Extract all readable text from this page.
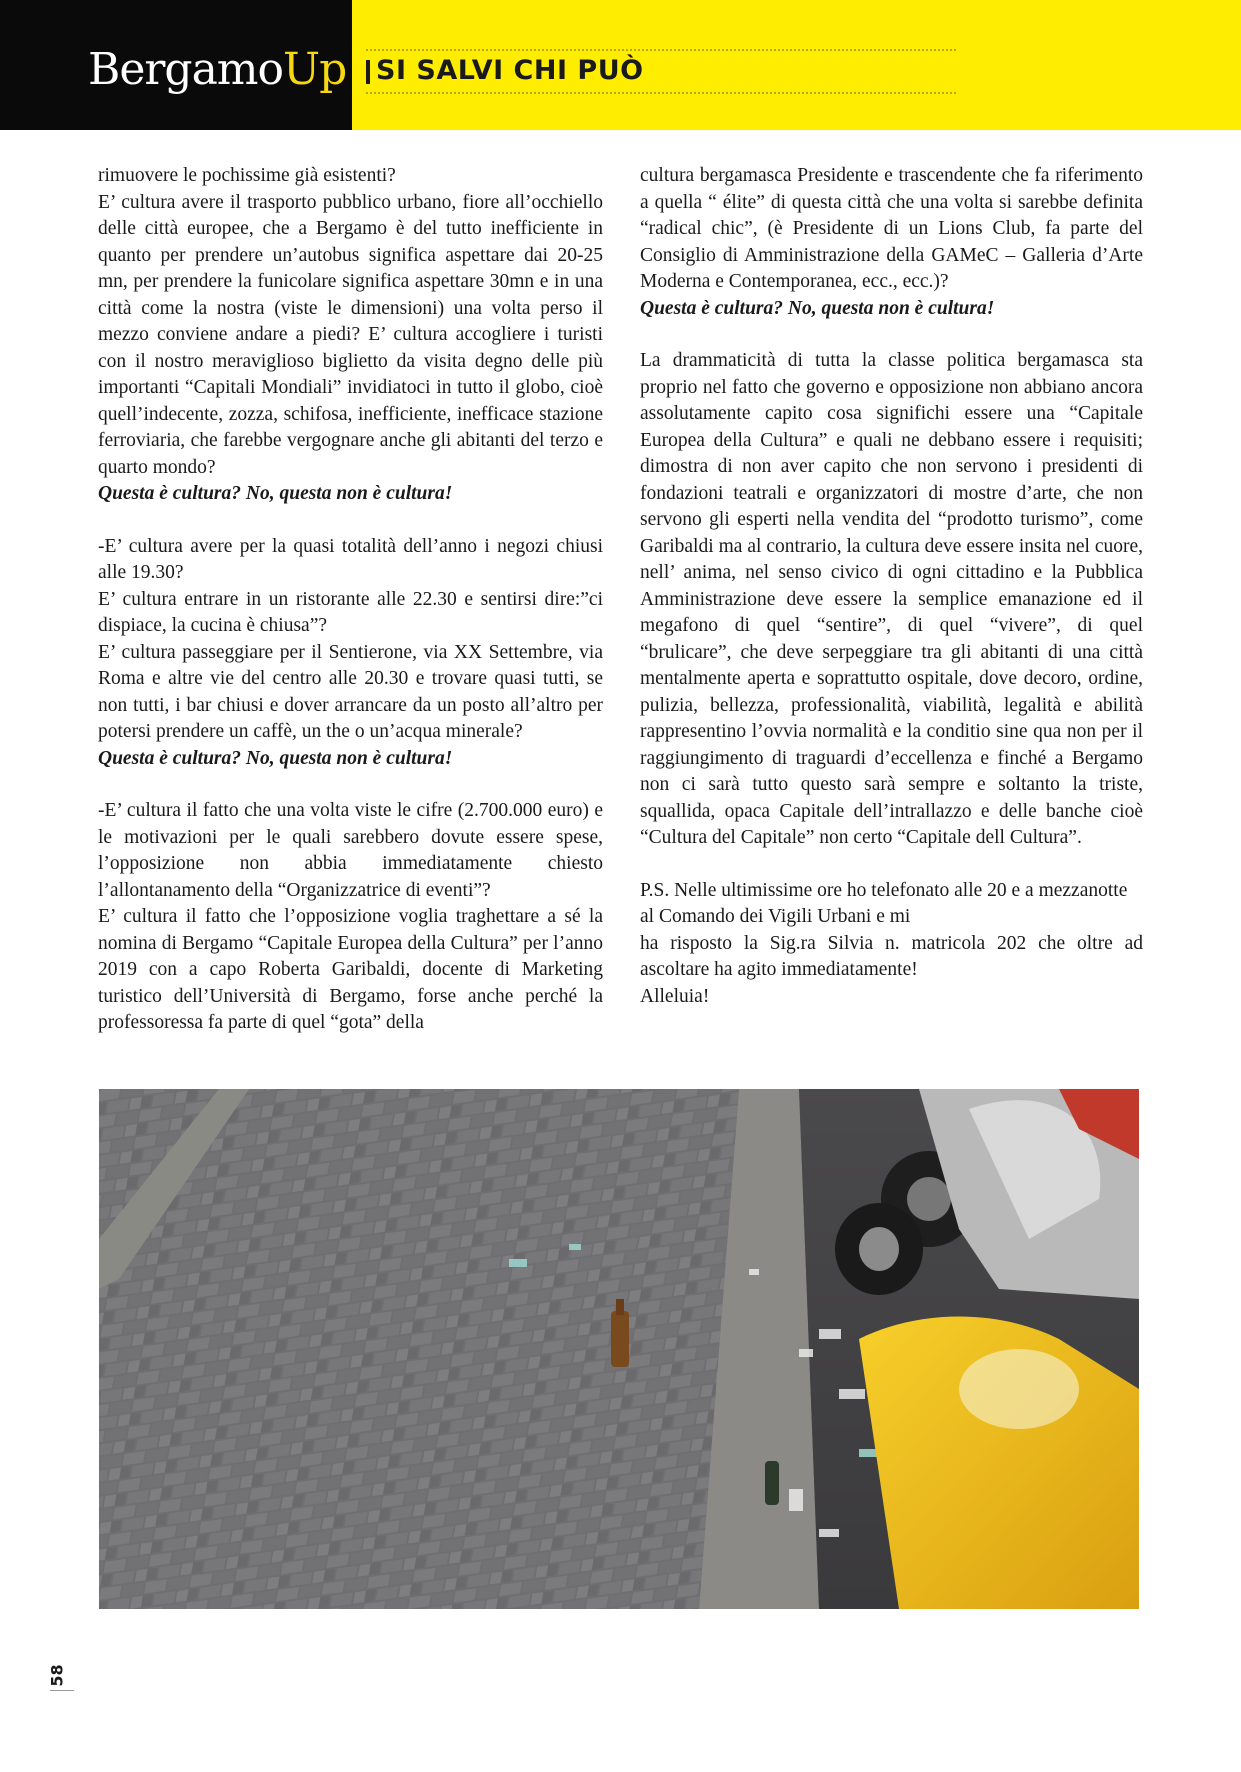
BergamoUp SI SALVI CHI PUÒ

rimuovere le pochissime già esistenti?

E’ cultura avere il trasporto pubblico urbano, fiore all’occhiello delle città europee, che a Bergamo è del tutto inefficiente in quanto per prendere un’autobus significa aspettare dai 20-25 mn, per prendere la funicolare significa aspettare 30mn e in una città come la nostra (viste le dimensioni) una volta perso il mezzo conviene andare a piedi? E’ cultura accogliere i turisti con il nostro meraviglioso biglietto da visita degno delle più importanti “Capitali Mondiali” invidiatoci in tutto il globo, cioè quell’indecente, zozza, schifosa, inefficiente, inefficace stazione ferroviaria, che farebbe vergognare anche gli abitanti del terzo e quarto mondo?

Questa è cultura? No, questa non è cultura!

-E’ cultura avere per la quasi totalità dell’anno i negozi chiusi alle 19.30?

E’ cultura entrare in un ristorante alle 22.30 e sentirsi dire:”ci dispiace, la cucina è chiusa”?

E’ cultura passeggiare per il Sentierone, via XX Settembre, via Roma e altre vie del centro alle 20.30 e trovare quasi tutti, se non tutti, i bar chiusi e dover arrancare da un posto all’altro per potersi prendere un caffè, un the o un’acqua minerale?

Questa è cultura? No, questa non è cultura!

-E’ cultura il fatto che una volta viste le cifre (2.700.000 euro) e le motivazioni per le quali sarebbero dovute essere spese, l’opposizione non abbia immediatamente chiesto l’allontanamento della “Organizzatrice di eventi”?

E’ cultura il fatto che l’opposizione voglia traghettare a sé la nomina di Bergamo “Capitale Europea della Cultura” per l’anno 2019 con a capo Roberta Garibaldi, docente di Marketing turistico dell’Università di Bergamo, forse anche perché la professoressa fa parte di quel “gota” della

cultura bergamasca Presidente e trascendente che fa riferimento a quella “ élite” di questa città che una volta si sarebbe definita “radical chic”, (è Presidente di un Lions Club, fa parte del Consiglio di Amministrazione della GAMeC – Galleria d’Arte Moderna e Contemporanea, ecc., ecc.)?

Questa è cultura? No, questa non è cultura!

La drammaticità di tutta la classe politica bergamasca sta proprio nel fatto che governo e opposizione non abbiano ancora assolutamente capito cosa significhi essere una “Capitale Europea della Cultura” e quali ne debbano essere i requisiti; dimostra di non aver capito che non servono i presidenti di fondazioni teatrali e organizzatori di mostre d’arte, che non servono gli esperti nella vendita del “prodotto turismo”, come Garibaldi ma al contrario, la cultura deve essere insita nel cuore, nell’ anima, nel senso civico di ogni cittadino e la Pubblica Amministrazione deve essere la semplice emanazione ed il megafono di quel “sentire”, di quel “vivere”, di quel “brulicare”, che deve serpeggiare tra gli abitanti di una città mentalmente aperta e soprattutto ospitale, dove decoro, ordine, pulizia, bellezza, professionalità, viabilità, legalità e abilità rappresentino l’ovvia normalità e la conditio sine qua non per il raggiungimento di traguardi d’eccellenza e finché a Bergamo non ci sarà tutto questo sarà sempre e soltanto la triste, squallida, opaca Capitale dell’intrallazzo e delle banche cioè “Cultura del Capitale” non certo “Capitale dell Cultura”.

P.S. Nelle ultimissime ore ho telefonato alle 20 e a mezzanotte al Comando dei Vigili Urbani e mi

ha risposto la Sig.ra Silvia n. matricola 202 che oltre ad ascoltare ha agito immediatamente!

Alleluia!

58
